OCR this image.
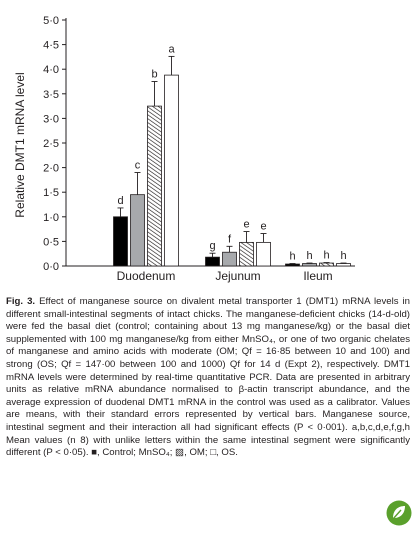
0·0
0·5
1·0
1·5
2·0
2·5
3·0
3·5
4·0
4·5
5·0
Duodenum	Jejunum	Ileum
d
c
b
a
g
f
e e
h h h h
Relative DMT1 mRNA level

Fig. 3. Effect of manganese source on divalent metal transporter 1 (DMT1) mRNA levels in different small-intestinal segments of intact chicks. The manganese-deficient chicks (14-d-old) were fed the basal diet (control; containing about 13 mg manganese/kg) or the basal diet supplemented with 100 mg manganese/kg from either MnSO₄, or one of two organic chelates of manganese and amino acids with moderate (OM; Qf = 16·85 between 10 and 100) and strong (OS; Qf = 147·00 between 100 and 1000) Qf for 14 d (Expt 2), respectively. DMT1 mRNA levels were determined by real-time quantitative PCR. Data are presented in arbitrary units as relative mRNA abundance normalised to β-actin transcript abundance, and the average expression of duodenal DMT1 mRNA in the control was used as a calibrator. Values are means, with their standard errors represented by vertical bars. Manganese source, intestinal segment and their interaction all had significant effects (P < 0·001). a,b,c,d,e,f,g,h Mean values (n 8) with unlike letters within the same intestinal segment were significantly different (P < 0·05). ■, Control; MnSO₄; ▨, OM; □, OS.
